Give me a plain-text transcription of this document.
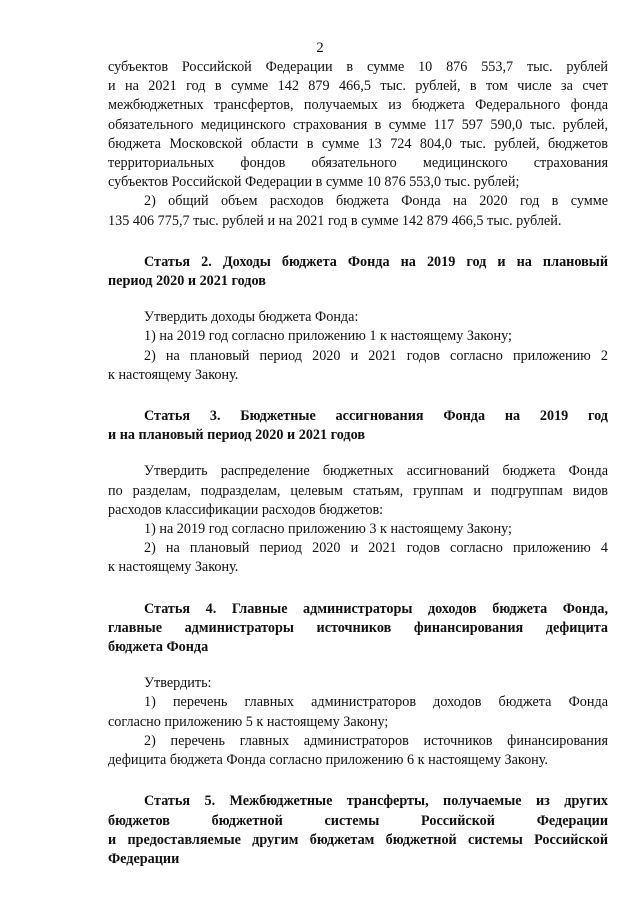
2
субъектов Российской Федерации в сумме 10 876 553,7 тыс. рублей
и на 2021 год в сумме 142 879 466,5 тыс. рублей, в том числе за счет
межбюджетных трансфертов, получаемых из бюджета Федерального фонда
обязательного медицинского страхования в сумме 117 597 590,0 тыс. рублей,
бюджета Московской области в сумме 13 724 804,0 тыс. рублей, бюджетов
территориальных фондов обязательного медицинского страхования
субъектов Российской Федерации в сумме 10 876 553,0 тыс. рублей;
2) общий объем расходов бюджета Фонда на 2020 год в сумме
135 406 775,7 тыс. рублей и на 2021 год в сумме 142 879 466,5 тыс. рублей.
Статья 2. Доходы бюджета Фонда на 2019 год и на плановый
период 2020 и 2021 годов
Утвердить доходы бюджета Фонда:
1) на 2019 год согласно приложению 1 к настоящему Закону;
2) на плановый период 2020 и 2021 годов согласно приложению 2
к настоящему Закону.
Статья 3. Бюджетные ассигнования Фонда на 2019 год
и на плановый период 2020 и 2021 годов
Утвердить распределение бюджетных ассигнований бюджета Фонда
по разделам, подразделам, целевым статьям, группам и подгруппам видов
расходов классификации расходов бюджетов:
1) на 2019 год согласно приложению 3 к настоящему Закону;
2) на плановый период 2020 и 2021 годов согласно приложению 4
к настоящему Закону.
Статья 4. Главные администраторы доходов бюджета Фонда,
главные администраторы источников финансирования дефицита
бюджета Фонда
Утвердить:
1) перечень главных администраторов доходов бюджета Фонда
согласно приложению 5 к настоящему Закону;
2) перечень главных администраторов источников финансирования
дефицита бюджета Фонда согласно приложению 6 к настоящему Закону.
Статья 5. Межбюджетные трансферты, получаемые из других
бюджетов бюджетной системы Российской Федерации
и предоставляемые другим бюджетам бюджетной системы Российской
Федерации
